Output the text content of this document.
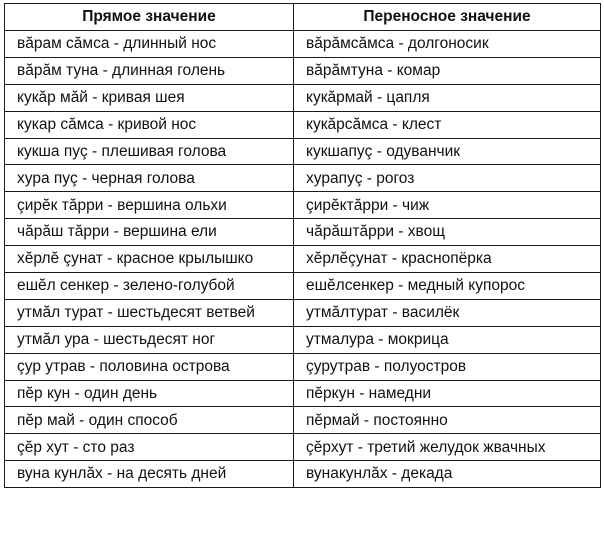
Прямое значение	Переносное значение
вăрам сăмса - длинный нос	вăрăмсăмса - долгоносик
вăрăм туна - длинная голень	вăрăмтуна - комар
кукăр мăй - кривая шея	кукăрмай - цапля
кукар сăмса - кривой нос	кукăрсăмса - клест
кукша пуç - плешивая голова	кукшапуç - одуванчик
хура пуç - черная голова	хурапуç - рогоз
çирĕк тăрри - вершина ольхи	çирĕктăрри - чиж
чăрăш тăрри - вершина ели	чăрăштăрри - хвощ
хĕрлĕ çунат - красное крылышко	хĕрлĕçунат - краснопёрка
ешĕл сенкер - зелено-голубой	ешĕлсенкер - медный купорос
утмăл турат - шестьдесят ветвей	утмăлтурат - василёк
утмăл ура - шестьдесят ног	утмалура - мокрица
çур утрав - половина острова	çурутрав - полуостров
пĕр кун - один день	пĕркун - намедни
пĕр май - один способ	пĕрмай - постоянно
çĕр хут - сто раз	çĕрхут - третий желудок жвачных
вуна кунлăх - на десять дней	вунакунлăх - декада
